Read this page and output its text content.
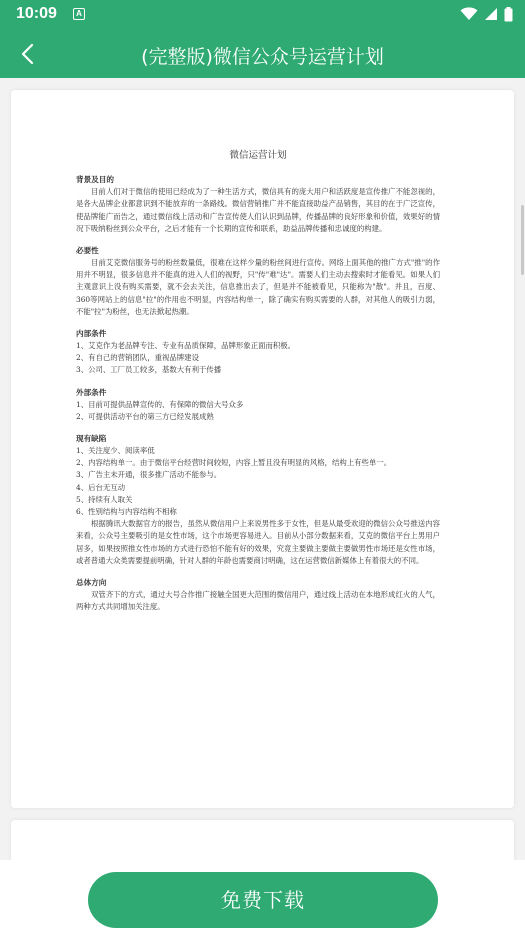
10:09	A
(完整版)微信公众号运营计划
微信运营计划
背景及目的

目前人们对于微信的使用已经成为了一种生活方式，微信具有的庞大用户和活跃度是宣传推广不能忽视的，是各大品牌企业都意识到不能放弃的一条路线。微信营销推广并不能直接助益产品销售，其目的在于广泛宣传，使品牌能广而告之，通过微信线上活动和广告宣传使人们认识到品牌，传播品牌的良好形象和价值，效果好的情况下吸纳粉丝到公众平台，之后才能有一个长期的宣传和联系，助益品牌传播和忠诚度的构建。

必要性

目前艾克微信服务号的粉丝数量低，很难在这样少量的粉丝间进行宣传。网络上面其他的推广方式"推"的作用并不明显，很多信息并不能真的进入人们的视野，只"传"难"达"。需要人们主动去搜索时才能看见。如果人们主观意识上没有购买需要，就不会去关注，信息推出去了，但是并不能被看见，只能称为"散"。并且，百度、360等网站上的信息"拉"的作用也不明显，内容结构单一，除了确实有购买需要的人群，对其他人的吸引力弱，不能"拉"为粉丝，也无法掀起热潮。

内部条件

1、艾克作为老品牌专注、专业有品质保障，品牌形象正面而积极。

2、有自己的营销团队，重视品牌建设

3、公司、工厂员工较多，基数大有利于传播

外部条件

1、目前可提供品牌宣传的、有保障的微信大号众多

2、可提供活动平台的第三方已经发展成熟

现有缺陷

1、关注度少、阅读率低

2、内容结构单一。由于微信平台经营时间较短，内容上暂且没有明显的风格，结构上有些单一。

3、广告主未开通，很多推广活动不能参与。

4、后台无互动

5、持续有人取关

6、性别结构与内容结构不相称

根据腾讯大数据官方的报告，虽然从微信用户上来说男性多于女性，但是从最受欢迎的微信公众号推送内容来看，公众号主要吸引的是女性市场，这个市场更容易进入。目前从小部分数据来看，艾克的微信平台上男用户居多，如果按照推女性市场的方式进行恐怕不能有好的效果，究竟主要做主要做主要做男性市场还是女性市场，或者普通大众类需要提前明确，针对人群的年龄也需要商讨明确，这在运营微信新媒体上有着很大的不同。

总体方向

双管齐下的方式，通过大号合作推广接触全国更大范围的微信用户，通过线上活动在本地形成红火的人气，两种方式共同增加关注度。

免费下载
